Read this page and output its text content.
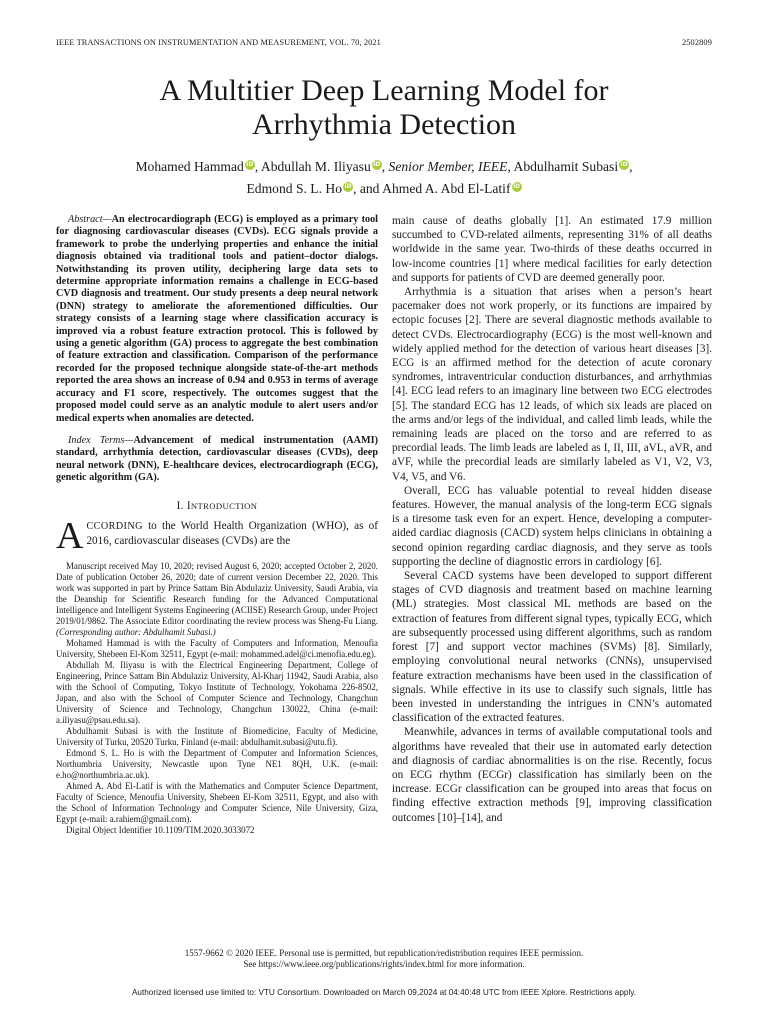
IEEE TRANSACTIONS ON INSTRUMENTATION AND MEASUREMENT, VOL. 70, 2021	2502809
A Multitier Deep Learning Model for
Arrhythmia Detection
Mohamed Hammad iD, Abdullah M. Iliyasu iD, Senior Member, IEEE, Abdulhamit Subasi iD,
Edmond S. L. Ho iD, and Ahmed A. Abd El-Latif iD

Abstract—An electrocardiograph (ECG) is employed as a primary tool for diagnosing cardiovascular diseases (CVDs). ECG signals provide a framework to probe the underlying properties and enhance the initial diagnosis obtained via traditional tools and patient–doctor dialogs. Notwithstanding its proven utility, deciphering large data sets to determine appropriate information remains a challenge in ECG-based CVD diagnosis and treatment. Our study presents a deep neural network (DNN) strategy to ameliorate the aforementioned difficulties. Our strategy consists of a learning stage where classification accuracy is improved via a robust feature extraction protocol. This is followed by using a genetic algorithm (GA) process to aggregate the best combination of feature extraction and classification. Comparison of the performance recorded for the proposed technique alongside state-of-the-art methods reported the area shows an increase of 0.94 and 0.953 in terms of average accuracy and F1 score, respectively. The outcomes suggest that the proposed model could serve as an analytic module to alert users and/or medical experts when anomalies are detected.

Index Terms—Advancement of medical instrumentation (AAMI) standard, arrhythmia detection, cardiovascular diseases (CVDs), deep neural network (DNN), E-healthcare devices, electrocardiograph (ECG), genetic algorithm (GA).

I. INTRODUCTION

ACCORDING to the World Health Organization (WHO), as of 2016, cardiovascular diseases (CVDs) are the

Manuscript received May 10, 2020; revised August 6, 2020; accepted October 2, 2020. Date of publication October 26, 2020; date of current version December 22, 2020. This work was supported in part by Prince Sattam Bin Abdulaziz University, Saudi Arabia, via the Deanship for Scientific Research funding for the Advanced Computational Intelligence and Intelligent Systems Engineering (ACIISE) Research Group, under Project 2019/01/9862. The Associate Editor coordinating the review process was Sheng-Fu Liang. (Corresponding author: Abdulhamit Subasi.)

Mohamed Hammad is with the Faculty of Computers and Information, Menoufia University, Shebeen El-Kom 32511, Egypt (e-mail: mohammed.adel@ci.menofia.edu.eg).

Abdullah M. Iliyasu is with the Electrical Engineering Department, College of Engineering, Prince Sattam Bin Abdulaziz University, Al-Kharj 11942, Saudi Arabia, also with the School of Computing, Tokyo Institute of Technology, Yokohama 226-8502, Japan, and also with the School of Computer Science and Technology, Changchun University of Science and Technology, Changchun 130022, China (e-mail: a.iliyasu@psau.edu.sa).

Abdulhamit Subasi is with the Institute of Biomedicine, Faculty of Medicine, University of Turku, 20520 Turku, Finland (e-mail: abdulhamit.subasi@utu.fi).

Edmond S. L. Ho is with the Department of Computer and Information Sciences, Northumbria University, Newcastle upon Tyne NE1 8QH, U.K. (e-mail: e.ho@northumbria.ac.uk).

Ahmed A. Abd El-Latif is with the Mathematics and Computer Science Department, Faculty of Science, Menoufia University, Shebeen El-Kom 32511, Egypt, and also with the School of Information Technology and Computer Science, Nile University, Giza, Egypt (e-mail: a.rahiem@gmail.com).

Digital Object Identifier 10.1109/TIM.2020.3033072

main cause of deaths globally [1]. An estimated 17.9 million succumbed to CVD-related ailments, representing 31% of all deaths worldwide in the same year. Two-thirds of these deaths occurred in low-income countries [1] where medical facilities for early detection and supports for patients of CVD are deemed generally poor.

Arrhythmia is a situation that arises when a person’s heart pacemaker does not work properly, or its functions are impaired by ectopic focuses [2]. There are several diagnostic methods available to detect CVDs. Electrocardiography (ECG) is the most well-known and widely applied method for the detection of various heart diseases [3]. ECG is an affirmed method for the detection of acute coronary syndromes, intraventricular conduction disturbances, and arrhythmias [4]. ECG lead refers to an imaginary line between two ECG electrodes [5]. The standard ECG has 12 leads, of which six leads are placed on the arms and/or legs of the individual, and called limb leads, while the remaining leads are placed on the torso and are referred to as precordial leads. The limb leads are labeled as I, II, III, aVL, aVR, and aVF, while the precordial leads are similarly labeled as V1, V2, V3, V4, V5, and V6.

Overall, ECG has valuable potential to reveal hidden disease features. However, the manual analysis of the long-term ECG signals is a tiresome task even for an expert. Hence, developing a computer-aided cardiac diagnosis (CACD) system helps clinicians in obtaining a second opinion regarding cardiac diagnosis, and they serve as tools supporting the decline of diagnostic errors in cardiology [6].

Several CACD systems have been developed to support different stages of CVD diagnosis and treatment based on machine learning (ML) strategies. Most classical ML methods are based on the extraction of features from different signal types, typically ECG, which are subsequently processed using different algorithms, such as random forest [7] and support vector machines (SVMs) [8]. Similarly, employing convolutional neural networks (CNNs), unsupervised feature extraction mechanisms have been used in the classification of signals. While effective in its use to classify such signals, little has been invested in understanding the intrigues in CNN’s automated classification of the extracted features.

Meanwhile, advances in terms of available computational tools and algorithms have revealed that their use in automated early detection and diagnosis of cardiac abnormalities is on the rise. Recently, focus on ECG rhythm (ECGr) classification has similarly been on the increase. ECGr classification can be grouped into areas that focus on finding effective extraction methods [9], improving classification outcomes [10]–[14], and

1557-9662 © 2020 IEEE. Personal use is permitted, but republication/redistribution requires IEEE permission.
See https://www.ieee.org/publications/rights/index.html for more information.
Authorized licensed use limited to: VTU Consortium. Downloaded on March 09,2024 at 04:40:48 UTC from IEEE Xplore. Restrictions apply.
